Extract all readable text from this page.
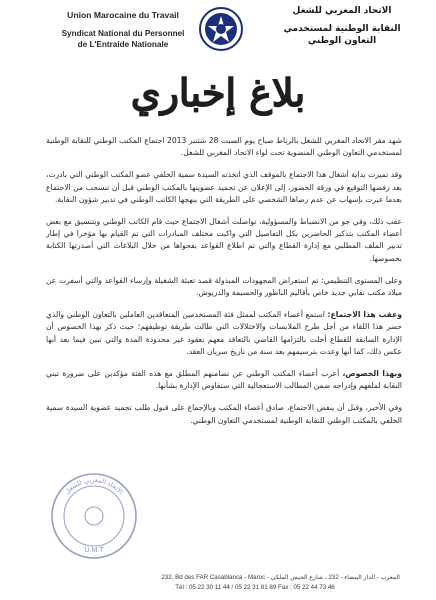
Union Marocaine du Travail
Syndicat National du Personnel
de L'Entraide Nationale
الاتحاد المغربي للشغل
النقابة الوطنية لمستخدمي
التعاون الوطني
بلاغ إخباري

شهد مقر الاتحاد المغربي للشغل بالرباط صباح يوم السبت 28 شتنبر 2013 اجتماع المكتب الوطني للنقابة الوطنية لمستخدمي التعاون الوطني المنضوية تحت لواء الاتحاد المغربي للشغل.

وقد تميزت بداية أشغال هذا الاجتماع بالموقف الذي اتخذته السيدة سمية الخلفي عضو المكتب الوطني التي بادرت، بعد رفضها التوقيع في ورقة الحضور، إلى الإعلان عن تجميد عضويتها بالمكتب الوطني قبل أن تنسحب من الاجتماع بعدما عبرت بإسهاب عن عدم رضاها الشخصي على الطريقة التي ينهجها الكاتب الوطني في تدبير شؤون النقابة.

عقب ذلك، وفي جو من الانضباط والمسؤولية، تواصلت أشغال الاجتماع حيث قام الكاتب الوطني وبتنسيق مع بعض أعضاء المكتب بتذكير الحاضرين بكل التفاصيل التي واكبت مختلف المبادرات التي تم القيام بها مؤخرا في إطار تدبير الملف المطلبي مع إدارة القطاع والتي تم اطلاع القواعد بفحواها من خلال البلاغات التي أصدرتها الكتابة بخصوصها.

وعلى المستوى التنظيمي: تم استعراض المجهودات المبذولة قصد تعبئة الشغيلة وإرساء القواعد والتي أسفرت عن ميلاد مكتب نقابي جديد خاص بأقاليم الناظور والحسيمة والدريوش.

وعقب هذا الاجتماع: استمع أعضاء المكتب لممثل فئة المستخدمين المتعاقدين العاملين بالتعاون الوطني والذي حضر هذا اللقاء من أجل طرح الملابسات والاختلالات التي طالت طريقة توظيفهم؛ حيث ذكر بهذا الخصوص أن الإدارة السابقة للقطاع أخلت بالتزامها القاضي بالتعاقد معهم بعقود غير محدودة المدة والتي تبين فيما بعد أنها عكس ذلك، كما أنها وعدت بترسيمهم بعد سنة من تاريخ سريان العقد.

وبهذا الخصوص، أعرب أعضاء المكتب الوطني عن تضامنهم المطلق مع هذه الفئة مؤكدين على ضرورة تبني النقابة لملفهم وإدراجه ضمن المطالب الاستعجالية التي ستفاوض الإدارة بشأنها.

وفي الأخير، وقبل أن ينفض الاجتماع، صادق أعضاء المكتب وبالإجماع على قبول طلب تجميد عضوية السيدة سمية الخلفي بالمكتب الوطني للنقابة الوطنية لمستخدمي التعاون الوطني.

الاتحاد المغربي للشغل
U.M.T
232, Bd des FAR Casablanca - Maroc - المغرب - الدار البيضاء - 232 ، شارع الجيش الملكي
Tél : 05 22 30 11 44 / 05 22 31 81 89 Fax : 05 22 44 73 46
